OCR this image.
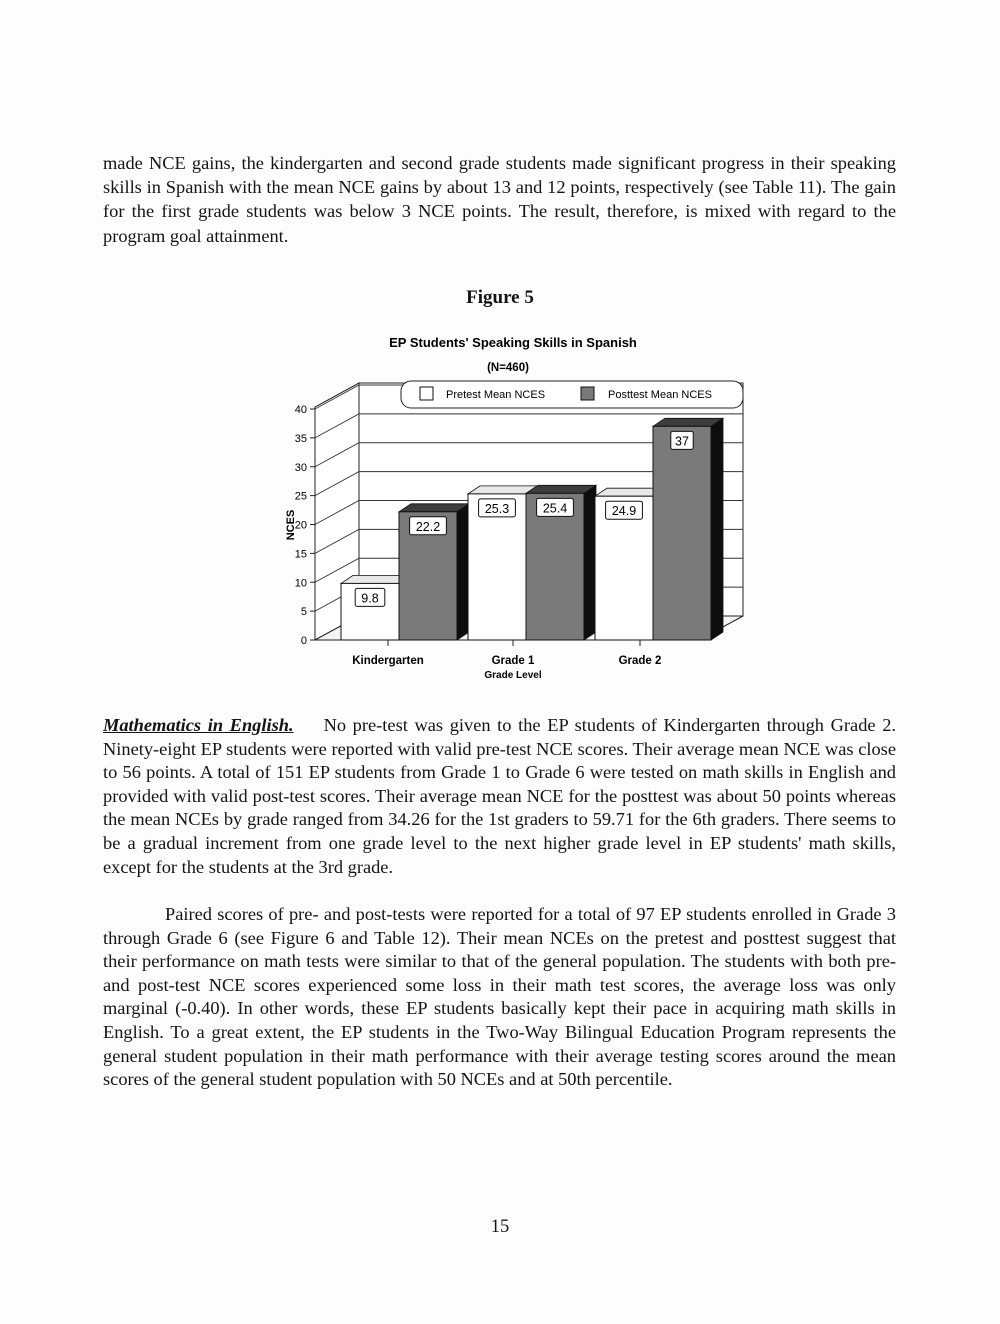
made NCE gains, the kindergarten and second grade students made significant progress in their speaking skills in Spanish with the mean NCE gains by about 13 and 12 points, respectively (see Table 11). The gain for the first grade students was below 3 NCE points. The result, therefore, is mixed with regard to the program goal attainment.

Figure 5
0
5
10
15
20
25
30
35
40
9.8
22.2
25.3	25.4	24.9
37
Kindergarten	Grade 1	Grade 2
EP Students' Speaking Skills in Spanish
(N=460)
Grade Level
NCES
Pretest Mean NCES	Posttest Mean NCES

Mathematics in English. No pre-test was given to the EP students of Kindergarten through Grade 2. Ninety-eight EP students were reported with valid pre-test NCE scores. Their average mean NCE was close to 56 points. A total of 151 EP students from Grade 1 to Grade 6 were tested on math skills in English and provided with valid post-test scores. Their average mean NCE for the posttest was about 50 points whereas the mean NCEs by grade ranged from 34.26 for the 1st graders to 59.71 for the 6th graders. There seems to be a gradual increment from one grade level to the next higher grade level in EP students' math skills, except for the students at the 3rd grade.

Paired scores of pre- and post-tests were reported for a total of 97 EP students enrolled in Grade 3 through Grade 6 (see Figure 6 and Table 12). Their mean NCEs on the pretest and posttest suggest that their performance on math tests were similar to that of the general population. The students with both pre- and post-test NCE scores experienced some loss in their math test scores, the average loss was only marginal (-0.40). In other words, these EP students basically kept their pace in acquiring math skills in English. To a great extent, the EP students in the Two-Way Bilingual Education Program represents the general student population in their math performance with their average testing scores around the mean scores of the general student population with 50 NCEs and at 50th percentile.

15
